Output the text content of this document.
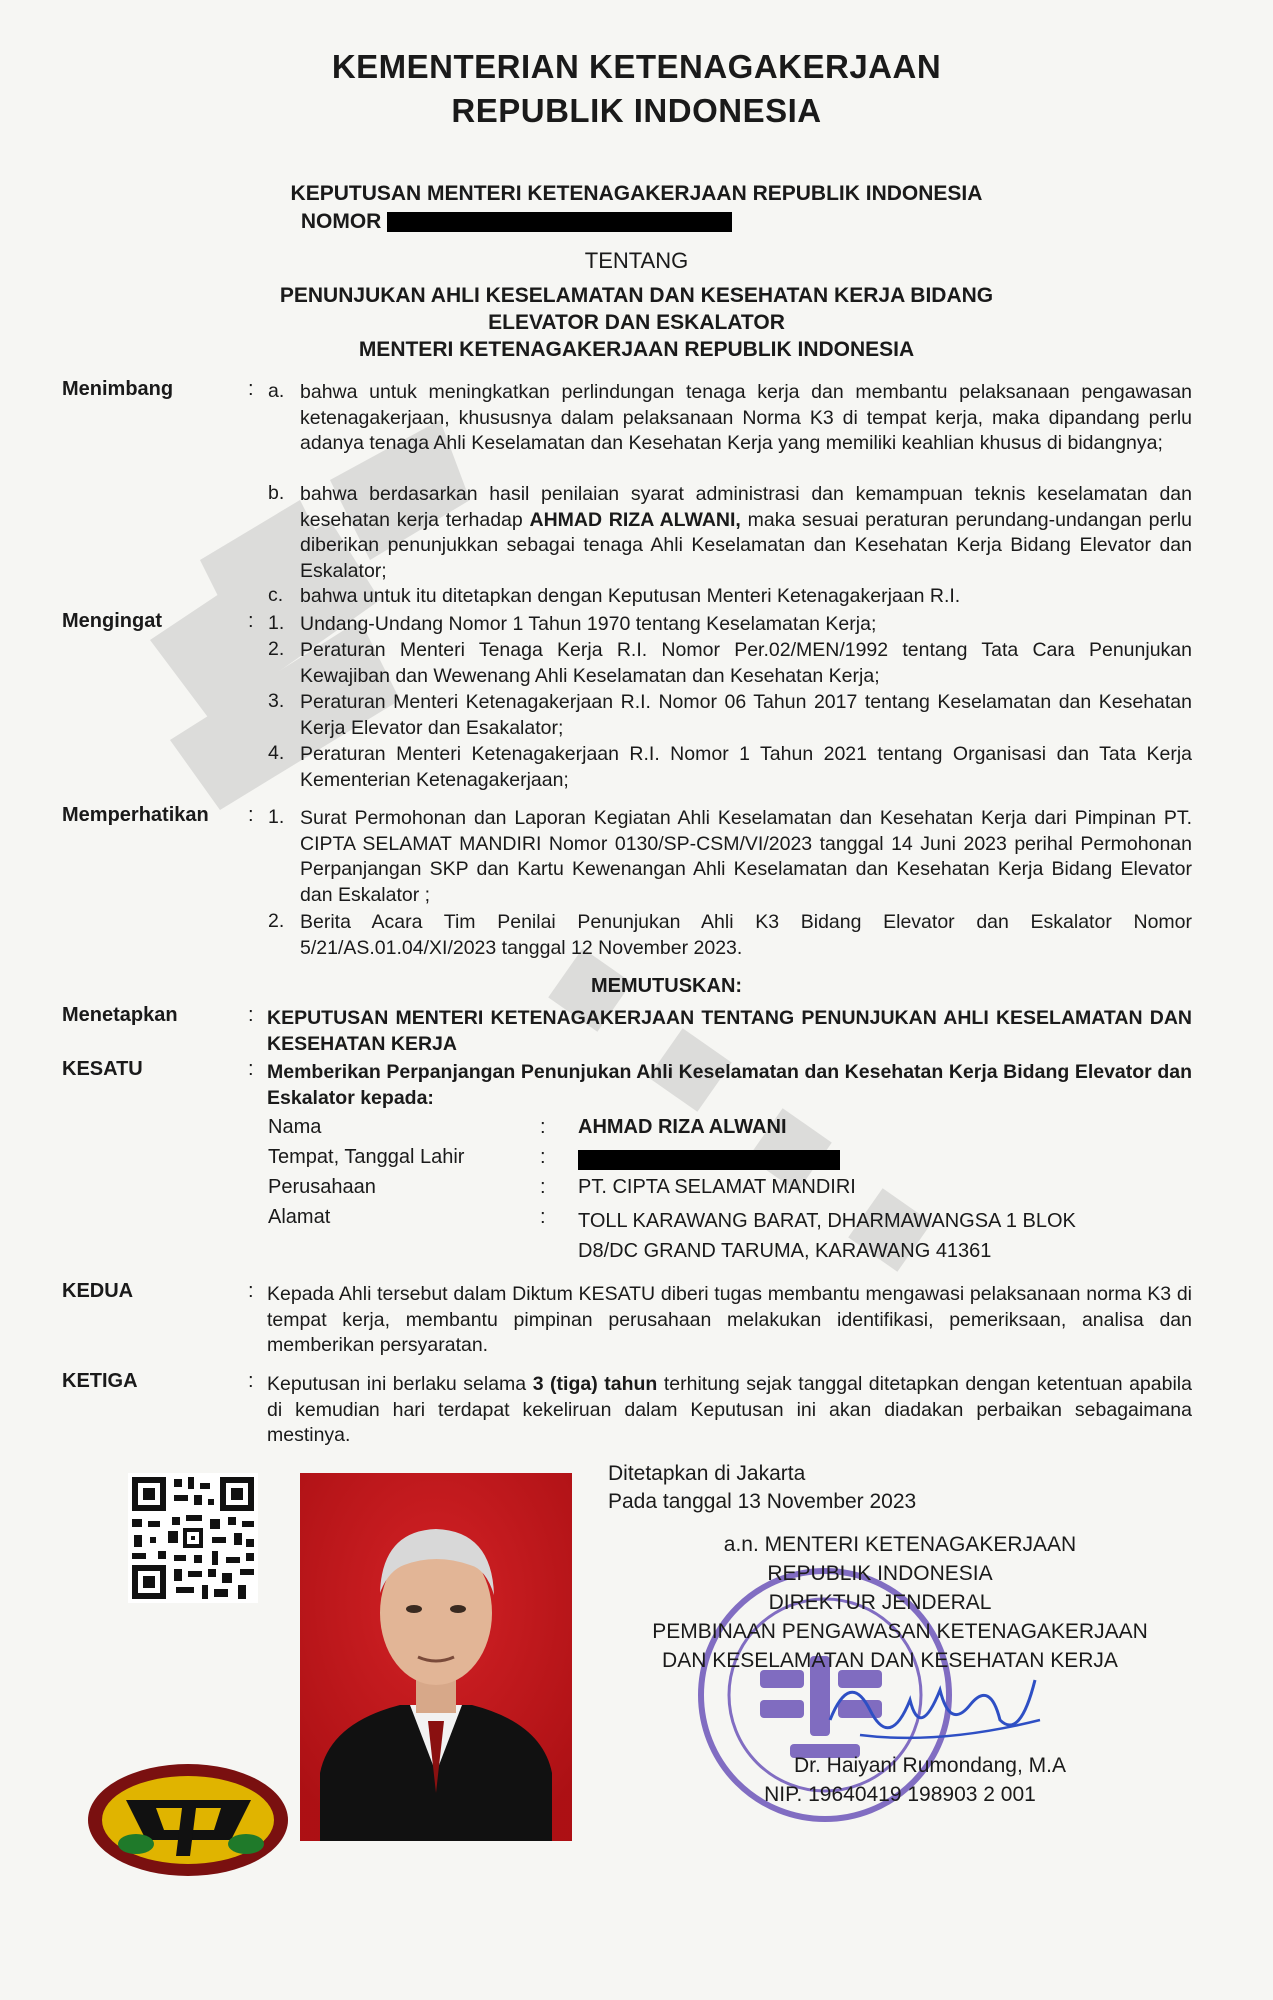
KEMENTERIAN KETENAGAKERJAAN
REPUBLIK INDONESIA
KEPUTUSAN MENTERI KETENAGAKERJAAN REPUBLIK INDONESIA
NOMOR
TENTANG
PENUNJUKAN AHLI KESELAMATAN DAN KESEHATAN KERJA BIDANG
ELEVATOR DAN ESKALATOR
MENTERI KETENAGAKERJAAN REPUBLIK INDONESIA
Menimbang	: a. bahwa untuk meningkatkan perlindungan tenaga kerja dan membantu pelaksanaan pengawasan ketenagakerjaan, khususnya dalam pelaksanaan Norma K3 di tempat kerja, maka dipandang perlu adanya tenaga Ahli Keselamatan dan Kesehatan Kerja yang memiliki keahlian khusus di bidangnya;
b. bahwa berdasarkan hasil penilaian syarat administrasi dan kemampuan teknis keselamatan dan kesehatan kerja terhadap AHMAD RIZA ALWANI, maka sesuai peraturan perundang-undangan perlu diberikan penunjukkan sebagai tenaga Ahli Keselamatan dan Kesehatan Kerja Bidang Elevator dan Eskalator;
c. bahwa untuk itu ditetapkan dengan Keputusan Menteri Ketenagakerjaan R.I.
Mengingat	: 1. Undang-Undang Nomor 1 Tahun 1970 tentang Keselamatan Kerja;
2. Peraturan Menteri Tenaga Kerja R.I. Nomor Per.02/MEN/1992 tentang Tata Cara Penunjukan Kewajiban dan Wewenang Ahli Keselamatan dan Kesehatan Kerja;
3. Peraturan Menteri Ketenagakerjaan R.I. Nomor 06 Tahun 2017 tentang Keselamatan dan Kesehatan Kerja Elevator dan Esakalator;
4. Peraturan Menteri Ketenagakerjaan R.I. Nomor 1 Tahun 2021 tentang Organisasi dan Tata Kerja Kementerian Ketenagakerjaan;
Memperhatikan : 1. Surat Permohonan dan Laporan Kegiatan Ahli Keselamatan dan Kesehatan Kerja dari Pimpinan PT. CIPTA SELAMAT MANDIRI Nomor 0130/SP-CSM/VI/2023 tanggal 14 Juni 2023 perihal Permohonan Perpanjangan SKP dan Kartu Kewenangan Ahli Keselamatan dan Kesehatan Kerja Bidang Elevator dan Eskalator ;
2. Berita Acara Tim Penilai Penunjukan Ahli K3 Bidang Elevator dan Eskalator Nomor 5/21/AS.01.04/XI/2023 tanggal 12 November 2023.
MEMUTUSKAN:
Menetapkan	: KEPUTUSAN MENTERI KETENAGAKERJAAN TENTANG PENUNJUKAN AHLI KESELAMATAN DAN KESEHATAN KERJA
KESATU	: Memberikan Perpanjangan Penunjukan Ahli Keselamatan dan Kesehatan Kerja Bidang Elevator dan Eskalator kepada:
Nama	: AHMAD RIZA ALWANI
Tempat, Tanggal Lahir	:
Perusahaan	: PT. CIPTA SELAMAT MANDIRI
Alamat	: TOLL KARAWANG BARAT, DHARMAWANGSA 1 BLOK
D8/DC GRAND TARUMA, KARAWANG 41361
KEDUA	: Kepada Ahli tersebut dalam Diktum KESATU diberi tugas membantu mengawasi pelaksanaan norma K3 di tempat kerja, membantu pimpinan perusahaan melakukan identifikasi, pemeriksaan, analisa dan memberikan persyaratan.
KETIGA	: Keputusan ini berlaku selama 3 (tiga) tahun terhitung sejak tanggal ditetapkan dengan ketentuan apabila di kemudian hari terdapat kekeliruan dalam Keputusan ini akan diadakan perbaikan sebagaimana mestinya.
Ditetapkan di Jakarta
Pada tanggal 13 November 2023
a.n. MENTERI KETENAGAKERJAAN
REPUBLIK INDONESIA
DIREKTUR JENDERAL
PEMBINAAN PENGAWASAN KETENAGAKERJAAN
DAN KESELAMATAN DAN KESEHATAN KERJA
Dr. Haiyani Rumondang, M.A
NIP. 19640419 198903 2 001
